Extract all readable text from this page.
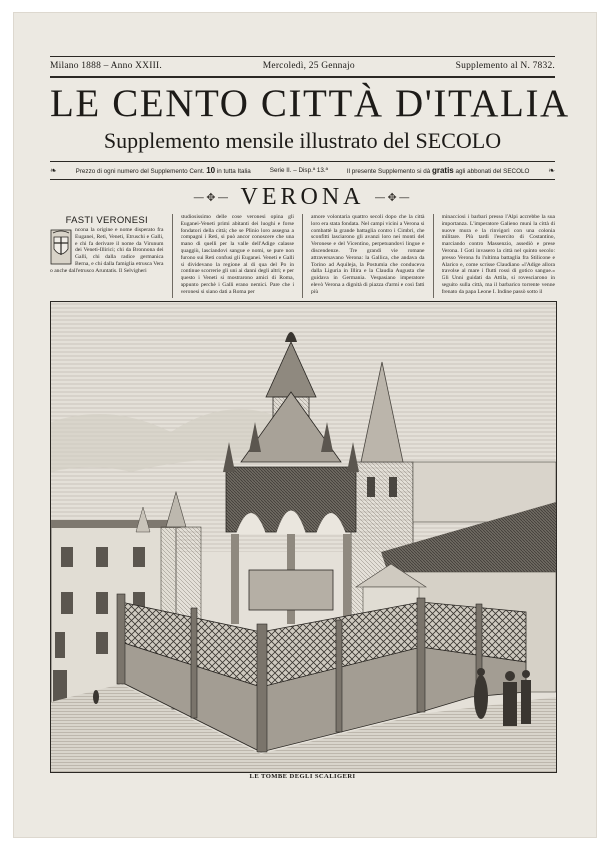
Milano 1888 – Anno XXIII.	Mercoledì, 25 Gennajo	Supplemento al N. 7832.
LE CENTO CITTÀ D'ITALIA
Supplemento mensile illustrato del SECOLO
❧	Prezzo di ogni numero del Supplemento Cent. 10 in tutta Italia	Serie II. – Disp.ª 13.ª	Il presente Supplemento si dà gratis agli abbonati del SECOLO ❧
—✥— VERONA —✥—
FASTI VERONESI
ncona la origine e nome disperato fra Euganei, Reti, Veneti, Etruschi e Galli, e chi fa derivare il nome da Virunum dei Veneti-Illirici; chi da Bronnona dei Galli, chi dalla radice germanica Berna, e chi dalla famiglia etrusca Vera o anche dall'etrusco Aruntatis. Il Selvigheri
studiosissimo delle cose veronesi opina gli Euganei-Veneti primi abitanti dei luoghi e forse fondatori della città; che se Plinio loro assegna a compagni i Reti, si può ancor conoscere che una mano di quelli per la valle dell'Adige calasse quaggiù, lasciandovi sangue e nomi, se pure non furono sui Reti confusi gli Euganei. Veneti e Galli si dividevano la regione al di qua del Po in continue scorrerie gli uni ai danni degli altri; e per questo i Veneti si mostrarono amici di Roma, appunto perchè i Galli erano nemici. Pare che i veronesi si siano dati a Roma per
amore volontaria quattro secoli dopo che la città loro era stata fondata. Nel campi vicini a Verona si combattè la grande battaglia contro i Cimbri, che sconfitti lasciarono gli avanzi loro nei monti del Veronese e del Vicentino, perpetuandovi lingue e discendenze. Tre grandi vie romane attraversavano Verona: la Gallica, che andava da Torino ad Aquileja, la Postumia che conduceva dalla Liguria in Illira e la Claudia Augusta che guidava in Germania. Vespasiano imperatore elevò Verona a dignità di piazza d'armi e così fatti più
minacciosi i barbari presso l'Alpi accrebbe la sua importanza. L'imperatore Galieno munì la città di nuove mura e la rinvigorì con una colonia militare. Più tardi l'esercito di Costantino, marciando contro Massenzio, assediò e prese Verona. I Goti invasero la città nel quinto secolo: presso Verona fu l'ultima battaglia fra Stilicone e Alarico e, come scrisse Claudiano «l'Adige allora travolse al mare i flutti rossi di gotico sangue.» Gli Unni guidati da Attila, si rovesciarono in seguito sulla città, ma il barbarico torrente venne frenato da papa Leone I. Indine passò sotto il
LE TOMBE DEGLI SCALIGERI
